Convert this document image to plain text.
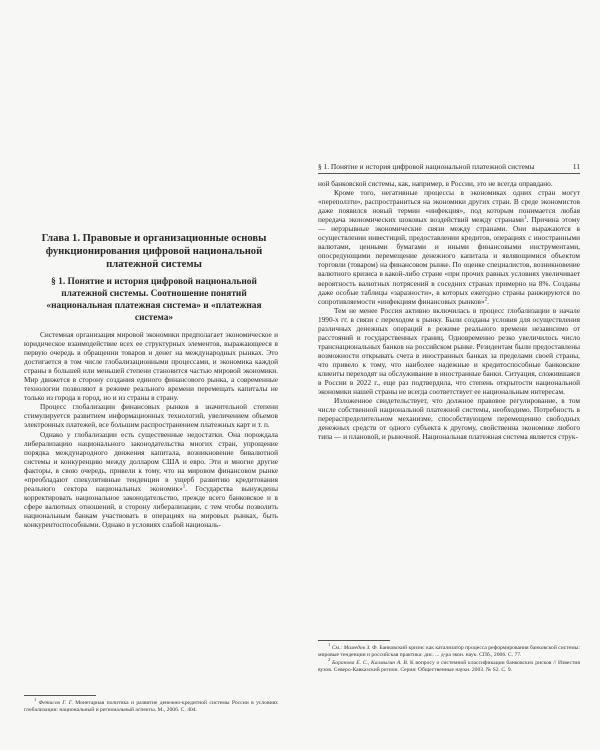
Глава 1. Правовые и организационные основы функционирования цифровой национальной платежной системы
§ 1. Понятие и история цифровой национальной платежной системы. Соотношение понятий «национальная платежная система» и «платежная система»

Системная организация мировой экономики предполагает экономическое и юридическое взаимодействие всех ее структурных элементов, выражающееся в первую очередь в обращении товаров и денег на международных рынках. Это достигается в том числе глобализационными процессами, и экономика каждой страны в большей или меньшей степени становится частью мировой экономики. Мир движется в сторону создания единого финансового рынка, а современные технологии позволяют в режиме реального времени перемещать капиталы не только из города в город, но и из страны в страну.

Процесс глобализации финансовых рынков в значительной степени стимулируется развитием информационных технологий, увеличением объемов электронных платежей, все большим распространением платежных карт и т. п.

Однако у глобализации есть существенные недостатки. Она порождала либерализацию национального законодательства многих стран, упрощение порядка международного движения капитала, возникновение бивалютной системы и конкуренцию между долларом США и евро. Эти и многие другие факторы, в свою очередь, привели к тому, что на мировом финансовом рынке «преобладают спекулятивные тенденции в ущерб развитию кредитования реального сектора национальных экономик»$^1$. Государства вынуждены корректировать национальное законодательство, прежде всего банковское и в сфере валютных отношений, в сторону либерализации, с тем чтобы позволить национальным банкам участвовать в операциях на мировых рынках, быть конкурентоспособными. Однако в условиях слабой националь-

$^1$ Фетисов Г. Г. Монетарная политика и развитие денежно-кредитной системы России в условиях глобализации: национальный и региональный аспекты. М., 2006. С. 404.

§ 1. Понятие и история цифровой национальной платежной системы	11

ной банковской системы, как, например, в России, это не всегда оправдано.

Кроме того, негативные процессы в экономиках одних стран могут «переползти», распространиться на экономики других стран. В среде экономистов даже появился новый термин «инфекция», под которым понимается любая передача экономических шоковых воздействий между странами$^1$. Причина этому — нерзрывные экономические связи между странами. Они выражаются в осуществлении инвестиций, предоставлении кредитов, операциях с иностранными валютами, ценными бумагами и иными финансовыми инструментами, опосредующими перемещение денежного капитала и являющимися объектом торговли (товаром) на финансовом рынке. По оценке специалистов, возникновение валютного кризиса в какой-либо стране «при прочих равных условиях увеличивает вероятность валютных потрясений в соседних странах примерно на 8%. Созданы даже особые таблицы «заразности», в которых ежегодно страны ранжируются по сопротивляемости «инфекциям финансовых рынков»$^2$.

Тем не менее Россия активно включилась в процесс глобализации в начале 1990-х гг. в связи с переходом к рынку. Были созданы условия для осуществления различных денежных операций в режиме реального времени независимо от расстояний и государственных границ. Одновременно резко увеличилось число транснациональных банков на российском рынке. Резидентам были предоставлены возможности открывать счета в иностранных банках за пределами своей страны, что привело к тому, что наиболее надежные и кредитоспособные банковские клиенты переходят на обслуживание в иностранные банки. Ситуация, сложившаяся в России в 2022 г., еще раз подтвердила, что степень открытости национальной экономики нашей страны не всегда соответствует ее национальным интересам.

Изложенное свидетельствует, что должное правовое регулирование, в том числе собственной национальной платежной системы, необходимо. Потребность в перераспределительном механизме, способствующем перемещению свободных денежных средств от одного субъекта к другому, свойственна экономике любого типа — и плановой, и рыночной. Национальная платежная система является струк-

$^1$ См.: Мамедов З. Ф. Банковский кризис как катализатор процесса реформирования банковской системы: мировые тенденции и российская практика: дис. ... д-ра экон. наук. СПб., 2006. С. 77.

$^2$ Баранова Е. С., Калмыгин А. В. К вопросу о системной классификации банковских рисков // Известия вузов. Северо-Кавказский регион. Серия: Общественные науки. 2003. № S2. С. 9.
